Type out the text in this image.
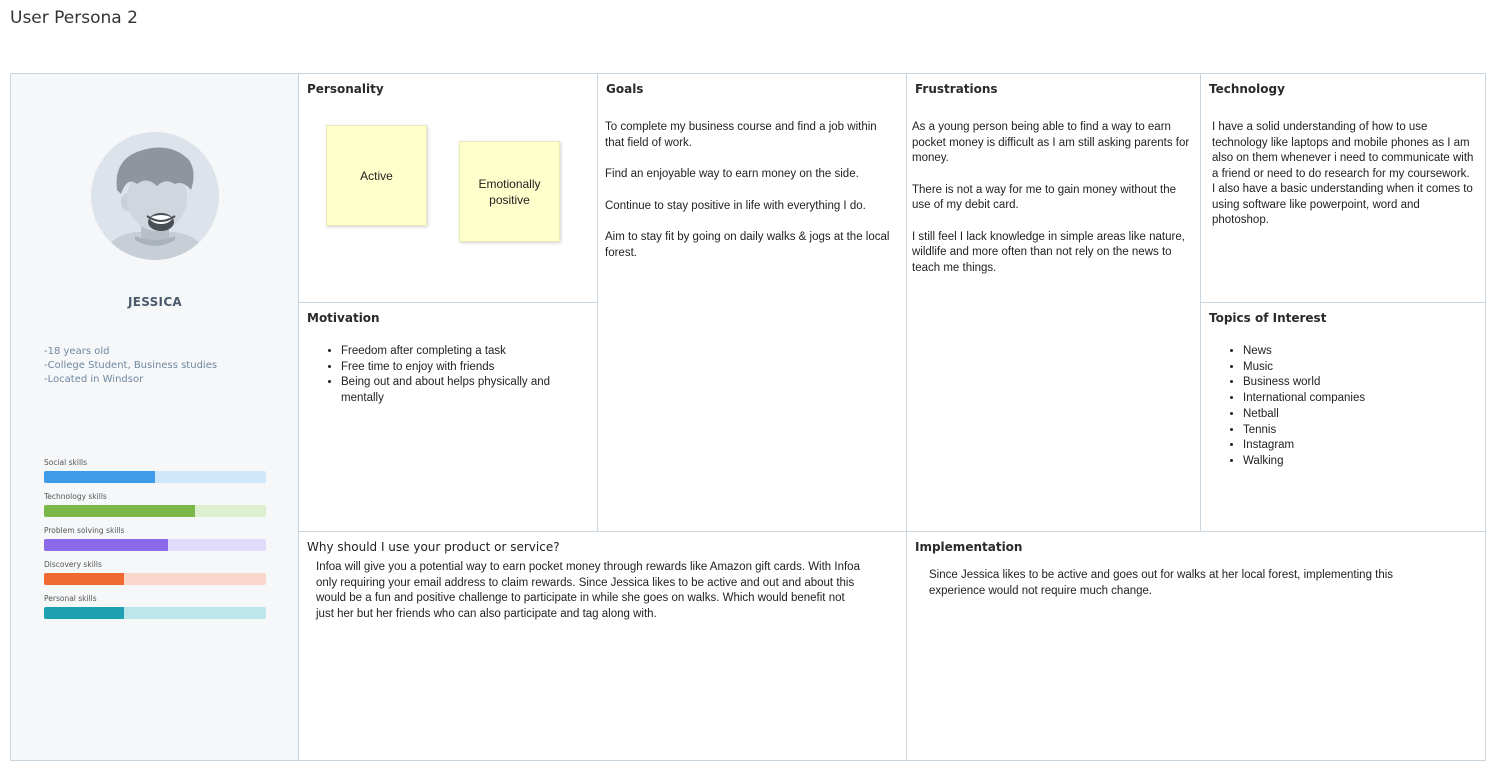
User Persona 2
JESSICA
-18 years old
-College Student, Business studies
-Located in Windsor
Social skills
Technology skills
Problem solving skills
Discovery skills
Personal skills
Personality
Active
Emotionally positive
Goals

To complete my business course and find a job within that field of work.

Find an enjoyable way to earn money on the side.

Continue to stay positive in life with everything I do.

Aim to stay fit by going on daily walks & jogs at the local forest.

Frustrations

As a young person being able to find a way to earn pocket money is difficult as I am still asking parents for money.

There is not a way for me to gain money without the use of my debit card.

I still feel I lack knowledge in simple areas like nature, wildlife and more often than not rely on the news to teach me things.

Technology
I have a solid understanding of how to use technology like laptops and mobile phones as I am also on them whenever i need to communicate with a friend or need to do research for my coursework. I also have a basic understanding when it comes to using software like powerpoint, word and photoshop.
Motivation
• Freedom after completing a task
• Free time to enjoy with friends
• Being out and about helps physically and mentally
Topics of Interest
• News
• Music
• Business world
• International companies
• Netball
• Tennis
• Instagram
• Walking
Why should I use your product or service?
Infoa will give you a potential way to earn pocket money through rewards like Amazon gift cards. With Infoa only requiring your email address to claim rewards. Since Jessica likes to be active and out and about this would be a fun and positive challenge to participate in while she goes on walks. Which would benefit not just her but her friends who can also participate and tag along with.
Implementation
Since Jessica likes to be active and goes out for walks at her local forest, implementing this experience would not require much change.
